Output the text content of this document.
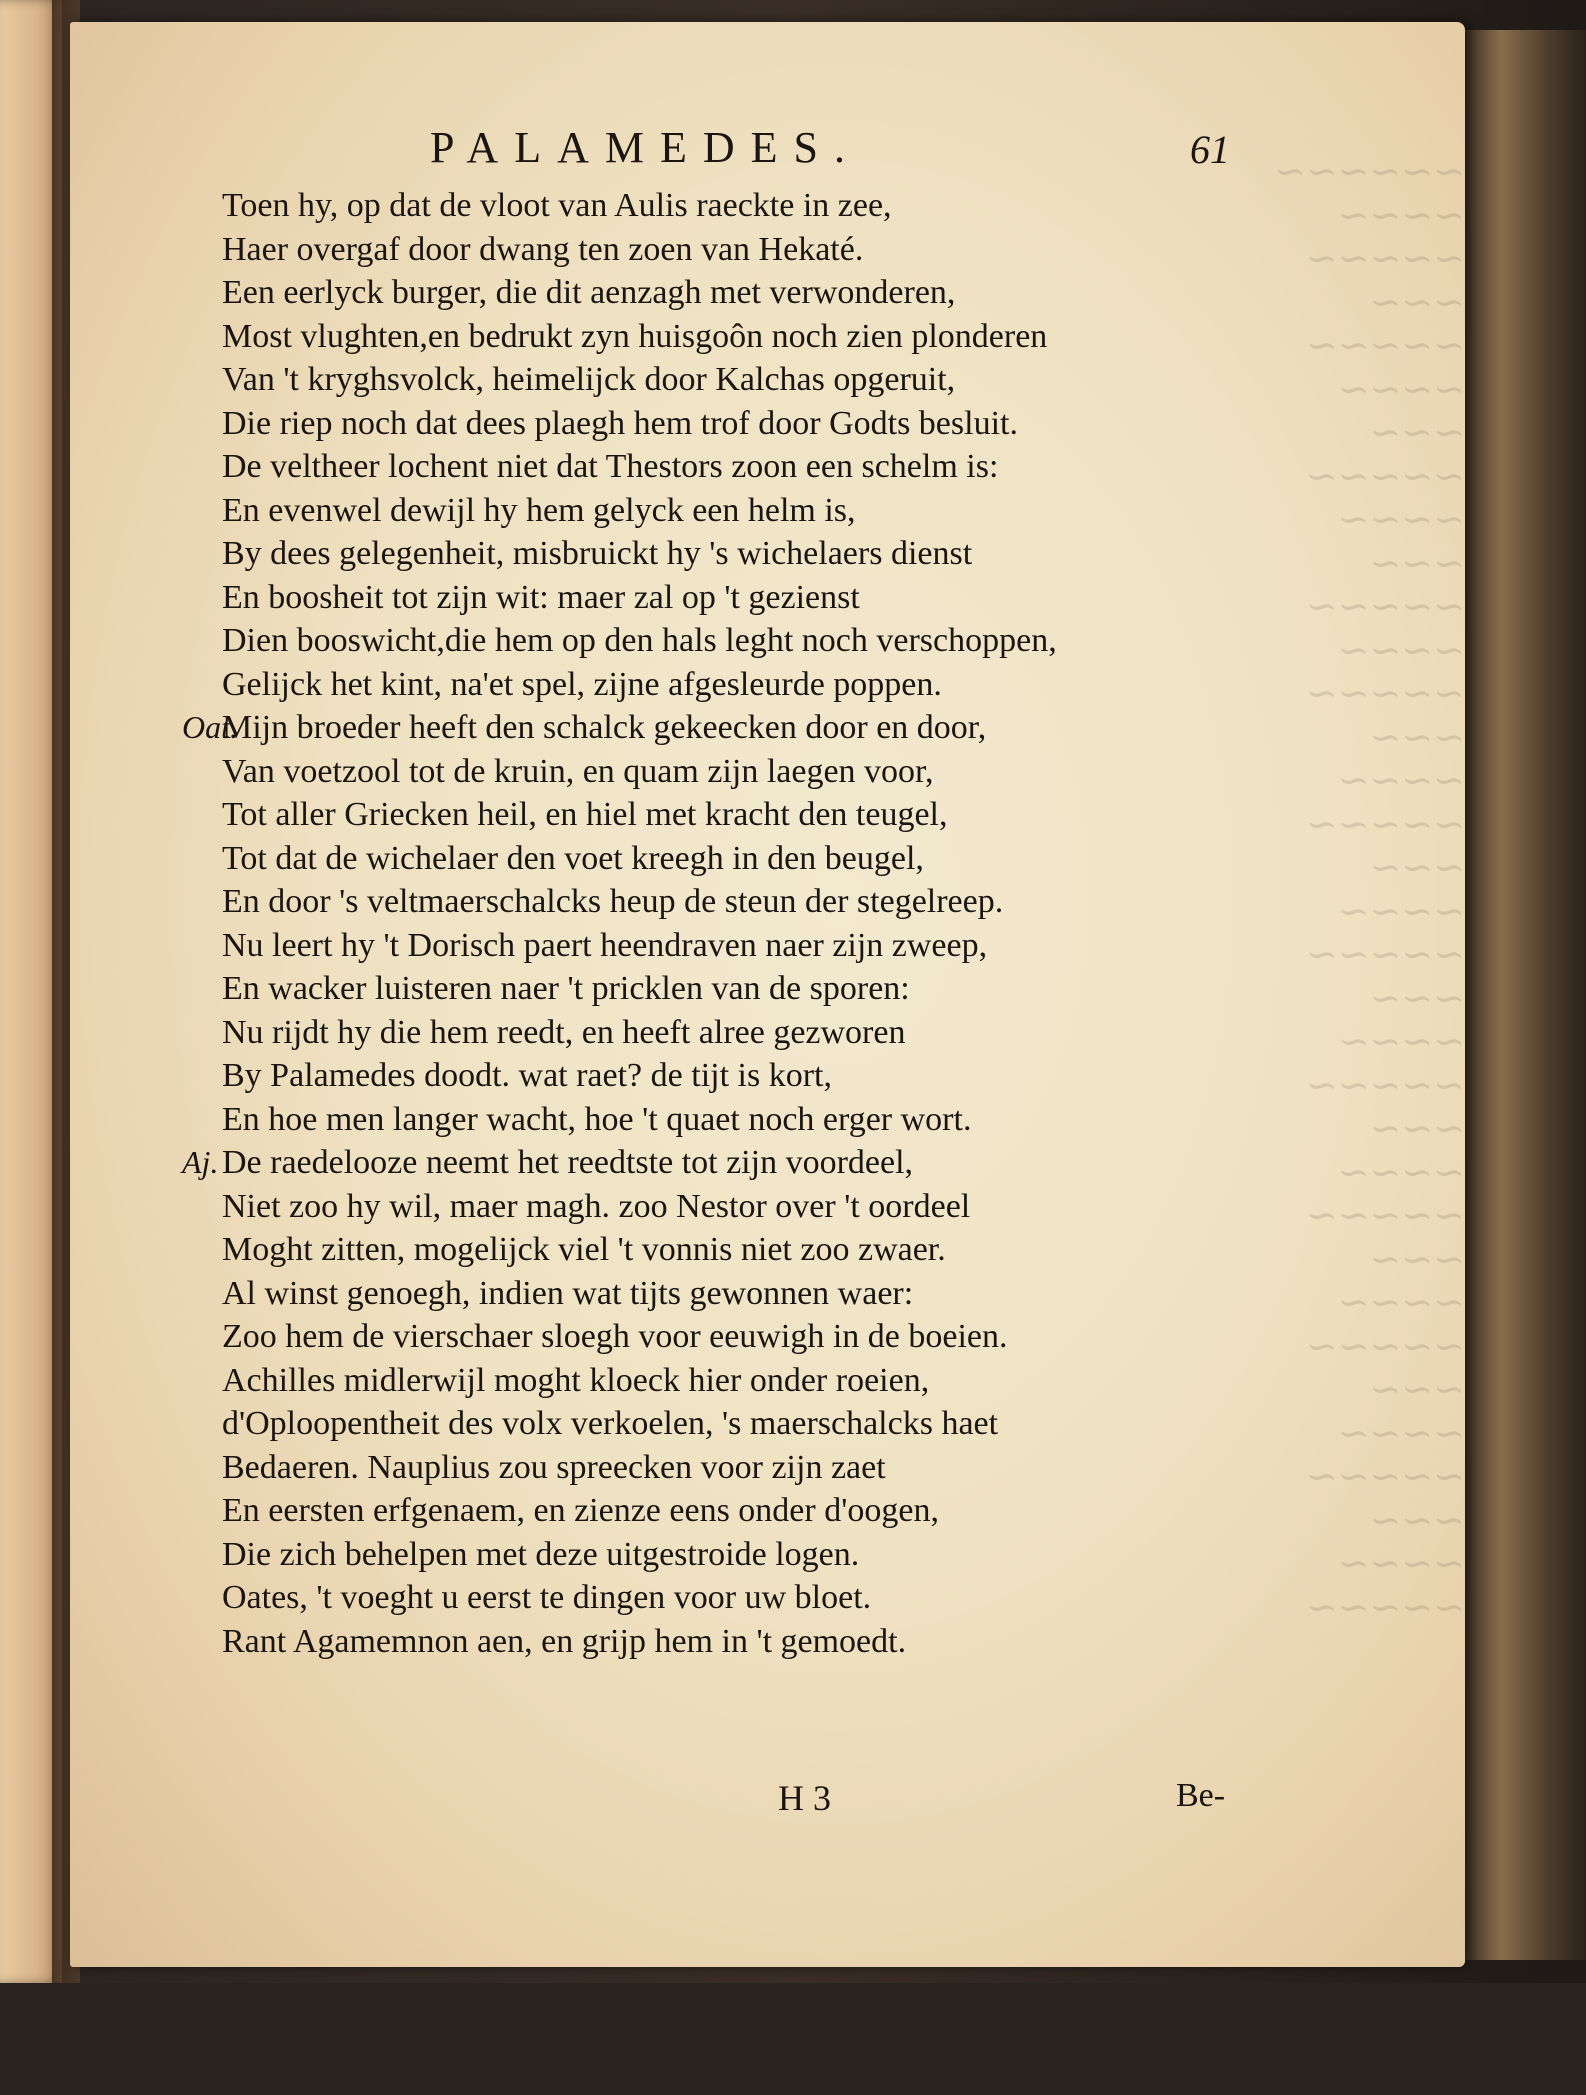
~~~~~~
~~~~
~~~~~
~~~
~~~~~
~~~~
~~~
~~~~~
~~~~
~~~
~~~~~
~~~~
~~~~~
~~~
~~~~
~~~~~
~~~
~~~~
~~~~~
~~~
~~~~
~~~~~
~~~
~~~~
~~~~~
~~~
~~~~
~~~~~
~~~
~~~~
~~~~~
~~~
~~~~
~~~~~
PALAMEDES.	61
Toen hy, op dat de vloot van Aulis raeckte in zee,
Haer overgaf door dwang ten zoen van Hekaté.
Een eerlyck burger, die dit aenzagh met verwonderen,
Most vlughten,en bedrukt zyn huisgoôn noch zien plonderen
Van 't kryghsvolck, heimelijck door Kalchas opgeruit,
Die riep noch dat dees plaegh hem trof door Godts besluit.
De veltheer lochent niet dat Thestors zoon een schelm is:
En evenwel dewijl hy hem gelyck een helm is,
By dees gelegenheit, misbruickt hy 's wichelaers dienst
En boosheit tot zijn wit: maer zal op 't gezienst
Dien booswicht,die hem op den hals leght noch verschoppen,
Gelijck het kint, na'et spel, zijne afgesleurde poppen.
Oat.
Mijn broeder heeft den schalck gekeecken door en door,
Van voetzool tot de kruin, en quam zijn laegen voor,
Tot aller Griecken heil, en hiel met kracht den teugel,
Tot dat de wichelaer den voet kreegh in den beugel,
En door 's veltmaerschalcks heup de steun der stegelreep.
Nu leert hy 't Dorisch paert heendraven naer zijn zweep,
En wacker luisteren naer 't pricklen van de sporen:
Nu rijdt hy die hem reedt, en heeft alree gezworen
By Palamedes doodt. wat raet? de tijt is kort,
En hoe men langer wacht, hoe 't quaet noch erger wort.
Aj. De raedelooze neemt het reedtste tot zijn voordeel,
Niet zoo hy wil, maer magh. zoo Nestor over 't oordeel
Moght zitten, mogelijck viel 't vonnis niet zoo zwaer.
Al winst genoegh, indien wat tijts gewonnen waer:
Zoo hem de vierschaer sloegh voor eeuwigh in de boeien.
Achilles midlerwijl moght kloeck hier onder roeien,
d'Oploopentheit des volx verkoelen, 's maerschalcks haet
Bedaeren. Nauplius zou spreecken voor zijn zaet
En eersten erfgenaem, en zienze eens onder d'oogen,
Die zich behelpen met deze uitgestroide logen.
Oates, 't voeght u eerst te dingen voor uw bloet.
Rant Agamemnon aen, en grijp hem in 't gemoedt.
H 3	Be-
